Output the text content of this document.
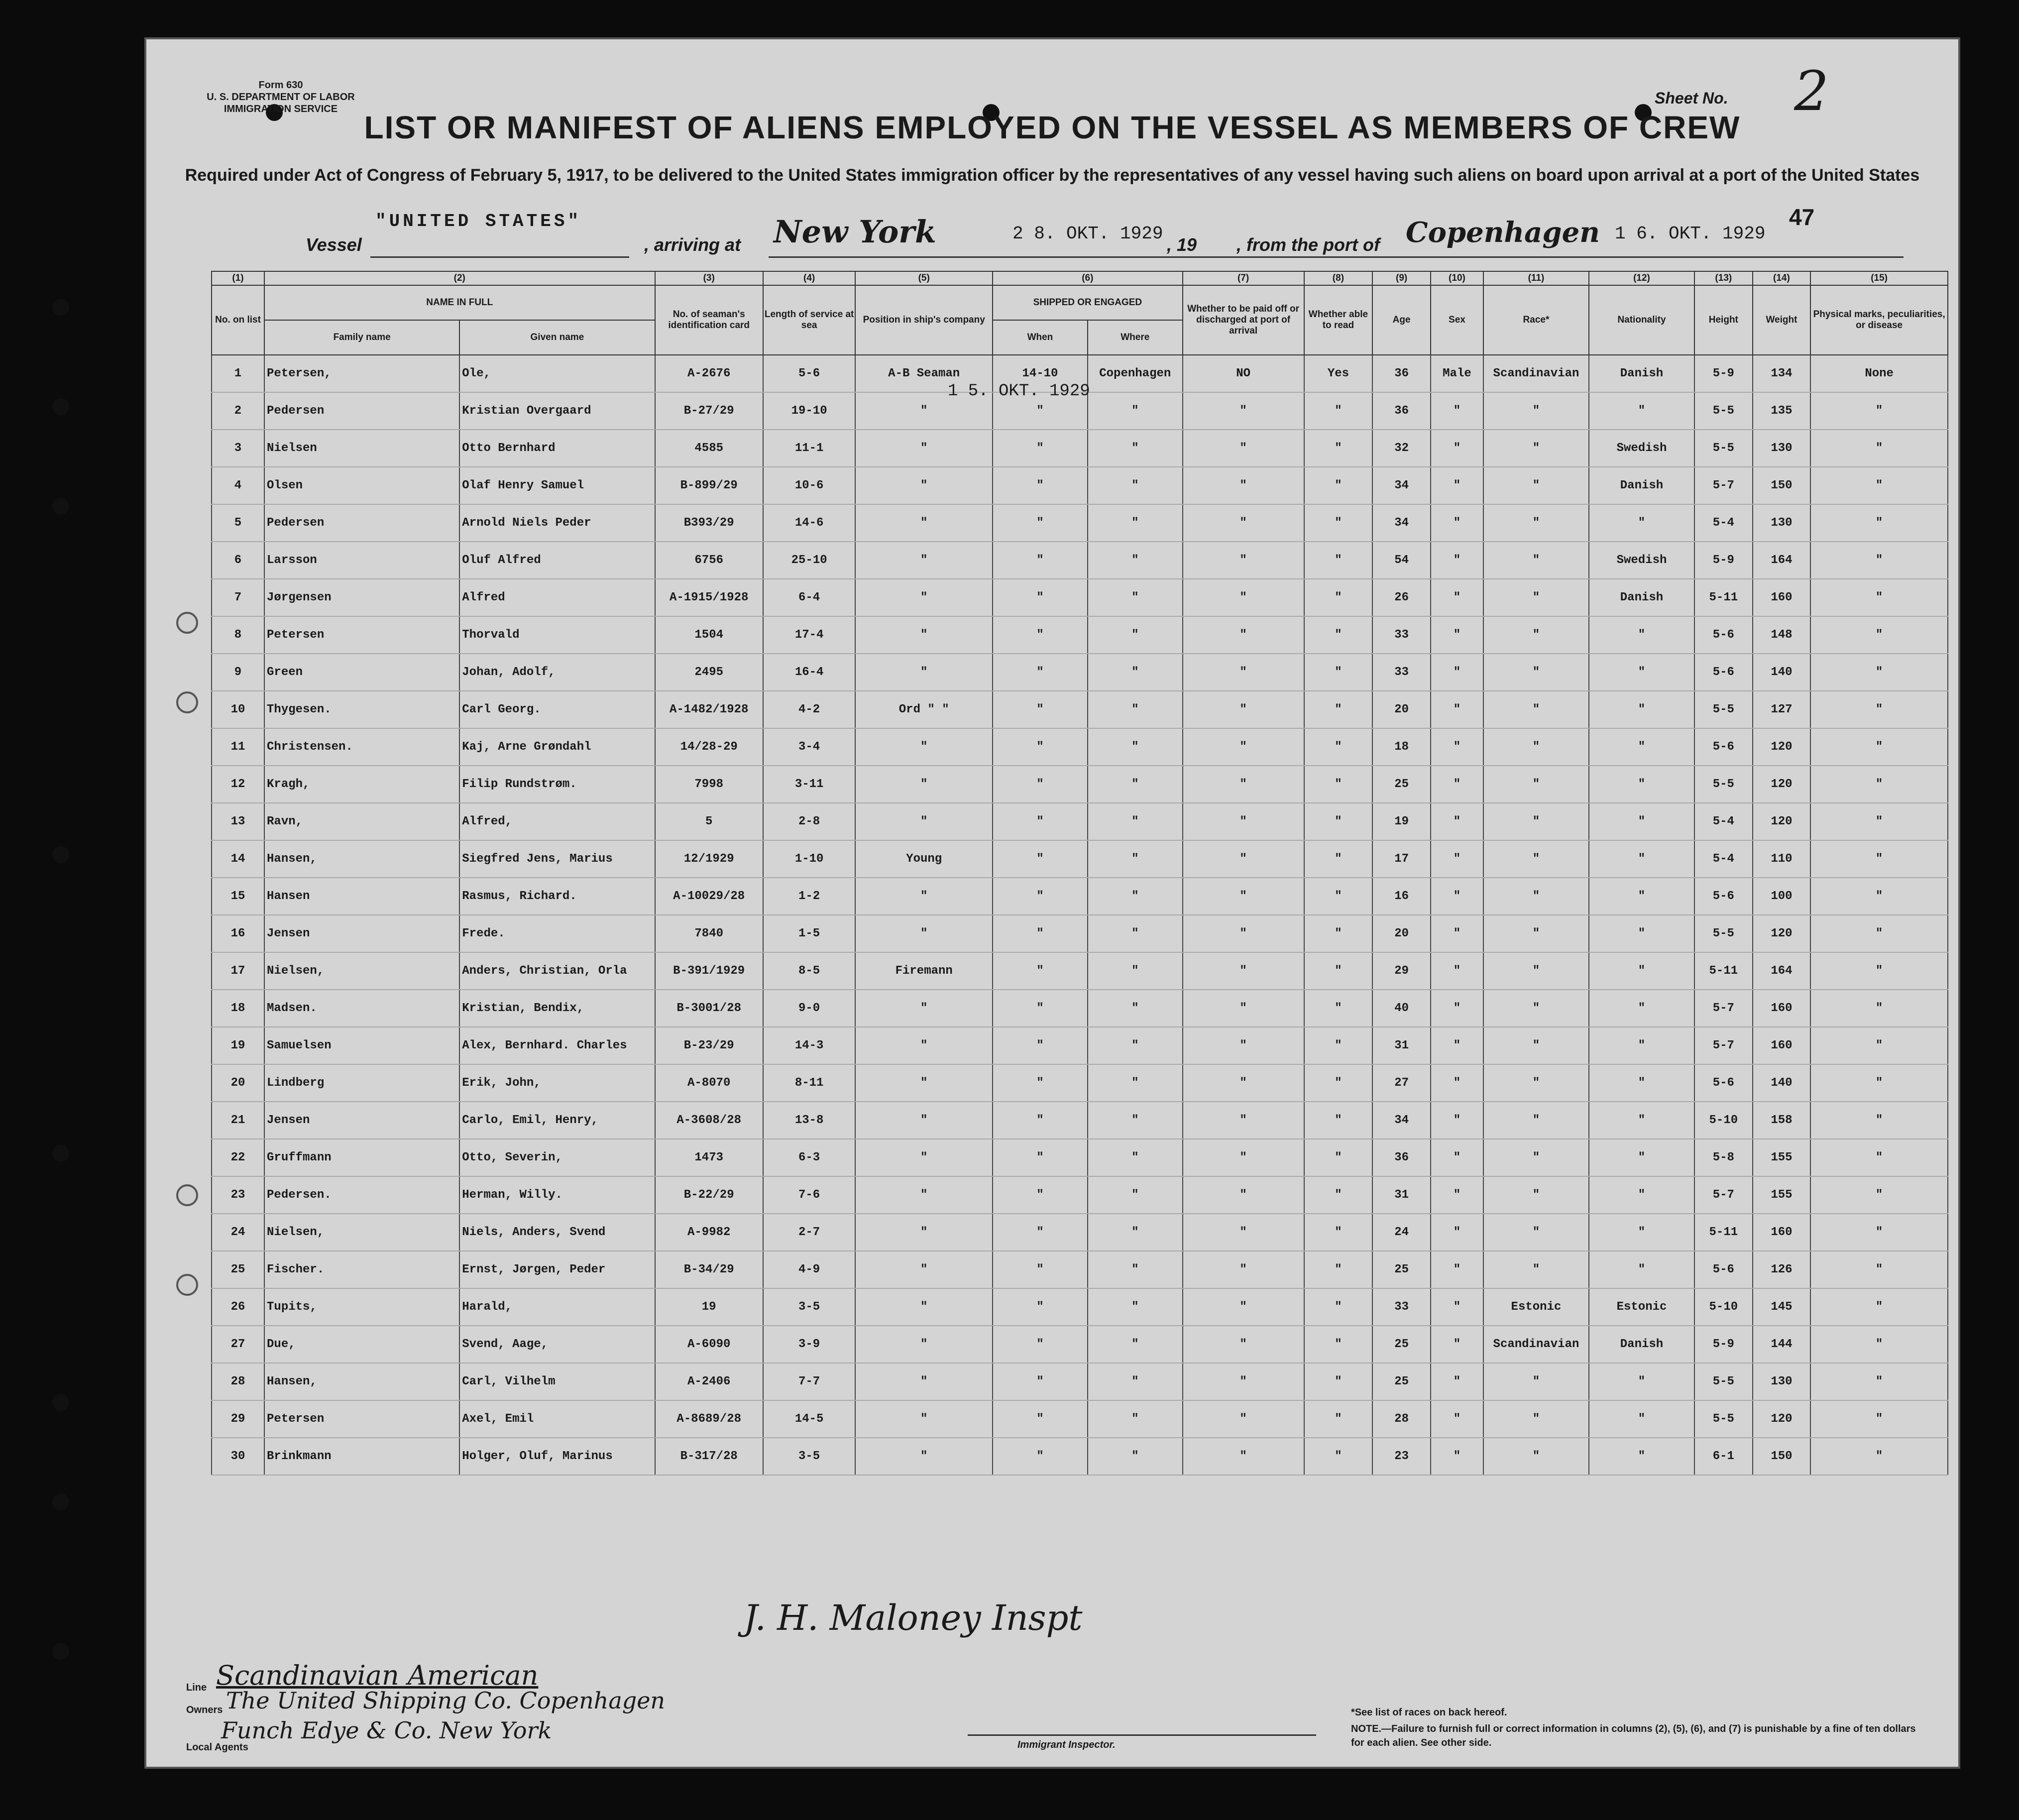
Form 630
U. S. DEPARTMENT OF LABOR
IMMIGRATION SERVICE
Sheet No. 2
LIST OR MANIFEST OF ALIENS EMPLOYED ON THE VESSEL AS MEMBERS OF CREW
Required under Act of Congress of February 5, 1917, to be delivered to the United States immigration officer by the representatives of any vessel having such aliens on board upon arrival at a port of the United States
47
Vessel
"UNITED STATES"
, arriving at New York	2 8. OKT. 1929
, 19 , from the port of Copenhagen 1 6. OKT. 1929
(1)	(2)		(3)	(4)	(5)	(6)		(7)	(8)	(9)	(10)	(11)	(12)	(13)	(14)	(15)
No. on list	NAME IN FULL		No. of seaman's identification card	Length of service at sea	Position in ship's company	SHIPPED OR ENGAGED		Whether to be paid off or discharged at port of arrival	Whether able to read	Age	Sex	Race*	Nationality	Height	Weight	Physical marks, peculiarities, or disease
	Family name	Given name				When	Where									
1	Petersen,	Ole,	A-2676	5-6	A-B Seaman	14-10	Copenhagen	NO	Yes	36	Male	Scandinavian	Danish	5-9	134	None
2	Pedersen	Kristian Overgaard	B-27/29	19-10	"	"	"	"	"	36	"	"	"	5-5	135	"
3	Nielsen	Otto Bernhard	4585	11-1	"	"	"	"	"	32	"	"	Swedish	5-5	130	"
4	Olsen	Olaf Henry Samuel	B-899/29	10-6	"	"	"	"	"	34	"	"	Danish	5-7	150	"
5	Pedersen	Arnold Niels Peder	B393/29	14-6	"	"	"	"	"	34	"	"	"	5-4	130	"
6	Larsson	Oluf Alfred	6756	25-10	"	"	"	"	"	54	"	"	Swedish	5-9	164	"
7	Jørgensen	Alfred	A-1915/1928	6-4	"	"	"	"	"	26	"	"	Danish	5-11	160	"
8	Petersen	Thorvald	1504	17-4	"	"	"	"	"	33	"	"	"	5-6	148	"
9	Green	Johan, Adolf,	2495	16-4	"	"	"	"	"	33	"	"	"	5-6	140	"
10	Thygesen.	Carl Georg.	A-1482/1928	4-2	Ord " "	"	"	"	"	20	"	"	"	5-5	127	"
11	Christensen.	Kaj, Arne Grøndahl	14/28-29	3-4	"	"	"	"	"	18	"	"	"	5-6	120	"
12	Kragh,	Filip Rundstrøm.	7998	3-11	"	"	"	"	"	25	"	"	"	5-5	120	"
13	Ravn,	Alfred,	5	2-8	"	"	"	"	"	19	"	"	"	5-4	120	"
14	Hansen,	Siegfred Jens, Marius	12/1929	1-10	Young	"	"	"	"	17	"	"	"	5-4	110	"
15	Hansen	Rasmus, Richard.	A-10029/28	1-2	"	"	"	"	"	16	"	"	"	5-6	100	"
16	Jensen	Frede.	7840	1-5	"	"	"	"	"	20	"	"	"	5-5	120	"
17	Nielsen,	Anders, Christian, Orla	B-391/1929	8-5	Firemann	"	"	"	"	29	"	"	"	5-11	164	"
18	Madsen.	Kristian, Bendix,	B-3001/28	9-0	"	"	"	"	"	40	"	"	"	5-7	160	"
19	Samuelsen	Alex, Bernhard. Charles	B-23/29	14-3	"	"	"	"	"	31	"	"	"	5-7	160	"
20	Lindberg	Erik, John,	A-8070	8-11	"	"	"	"	"	27	"	"	"	5-6	140	"
21	Jensen	Carlo, Emil, Henry,	A-3608/28	13-8	"	"	"	"	"	34	"	"	"	5-10	158	"
22	Gruffmann	Otto, Severin,	1473	6-3	"	"	"	"	"	36	"	"	"	5-8	155	"
23	Pedersen.	Herman, Willy.	B-22/29	7-6	"	"	"	"	"	31	"	"	"	5-7	155	"
24	Nielsen,	Niels, Anders, Svend	A-9982	2-7	"	"	"	"	"	24	"	"	"	5-11	160	"
25	Fischer.	Ernst, Jørgen, Peder	B-34/29	4-9	"	"	"	"	"	25	"	"	"	5-6	126	"
26	Tupits,	Harald,	19	3-5	"	"	"	"	"	33	"	Estonic	Estonic	5-10	145	"
27	Due,	Svend, Aage,	A-6090	3-9	"	"	"	"	"	25	"	Scandinavian	Danish	5-9	144	"
28	Hansen,	Carl, Vilhelm	A-2406	7-7	"	"	"	"	"	25	"	"	"	5-5	130	"
29	Petersen	Axel, Emil	A-8689/28	14-5	"	"	"	"	"	28	"	"	"	5-5	120	"
30	Brinkmann	Holger, Oluf, Marinus	B-317/28	3-5	"	"	"	"	"	23	"	"	"	6-1	150	"
1 5. OKT. 1929
J. H. Maloney Inspt
Line Scandinavian American
Owners The United Shipping Co. Copenhagen
Local Agents
Funch Edye & Co. New York
Immigrant Inspector.
*See list of races on back hereof.
NOTE.—Failure to furnish full or correct information in columns (2), (5), (6), and (7) is punishable by a fine of ten dollars for each alien. See other side.
